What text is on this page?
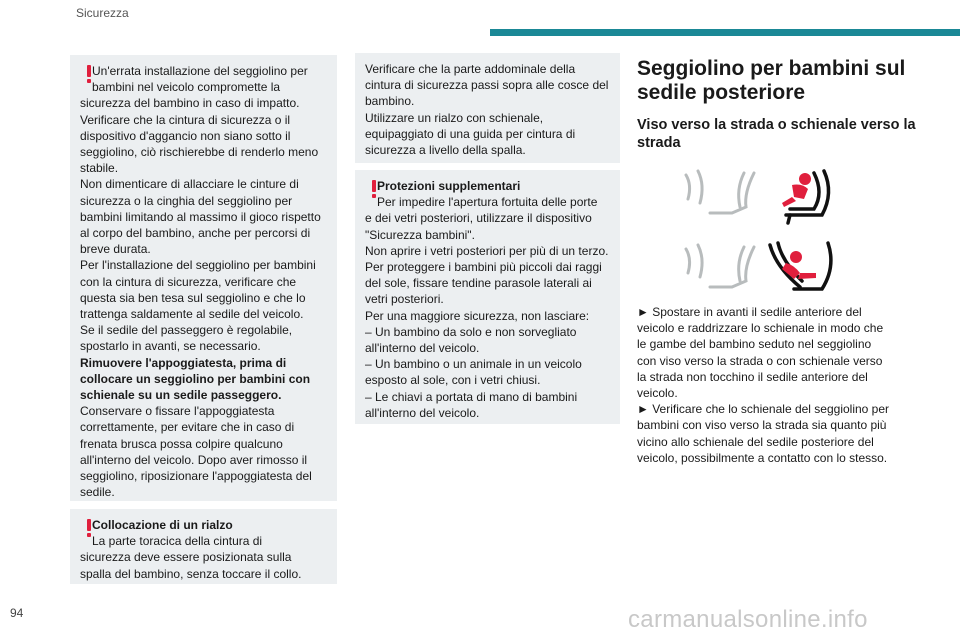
Sicurezza
Un'errata installazione del seggiolino per
bambini nel veicolo compromette la
sicurezza del bambino in caso di impatto.
Verificare che la cintura di sicurezza o il
dispositivo d'aggancio non siano sotto il
seggiolino, ciò rischierebbe di renderlo meno
stabile.
Non dimenticare di allacciare le cinture di
sicurezza o la cinghia del seggiolino per
bambini limitando al massimo il gioco rispetto
al corpo del bambino, anche per percorsi di
breve durata.
Per l'installazione del seggiolino per bambini
con la cintura di sicurezza, verificare che
questa sia ben tesa sul seggiolino e che lo
trattenga saldamente al sedile del veicolo.
Se il sedile del passeggero è regolabile,
spostarlo in avanti, se necessario.
Rimuovere l'appoggiatesta, prima di
collocare un seggiolino per bambini con
schienale su un sedile passeggero.
Conservare o fissare l'appoggiatesta
correttamente, per evitare che in caso di
frenata brusca possa colpire qualcuno
all'interno del veicolo. Dopo aver rimosso il
seggiolino, riposizionare l'appoggiatesta del
sedile.
Collocazione di un rialzo
La parte toracica della cintura di
sicurezza deve essere posizionata sulla
spalla del bambino, senza toccare il collo.
Verificare che la parte addominale della
cintura di sicurezza passi sopra alle cosce del
bambino.
Utilizzare un rialzo con schienale,
equipaggiato di una guida per cintura di
sicurezza a livello della spalla.
Protezioni supplementari
Per impedire l'apertura fortuita delle porte
e dei vetri posteriori, utilizzare il dispositivo
"Sicurezza bambini".
Non aprire i vetri posteriori per più di un terzo.
Per proteggere i bambini più piccoli dai raggi
del sole, fissare tendine parasole laterali ai
vetri posteriori.
Per una maggiore sicurezza, non lasciare:
– Un bambino da solo e non sorvegliato
all'interno del veicolo.
– Un bambino o un animale in un veicolo
esposto al sole, con i vetri chiusi.
– Le chiavi a portata di mano di bambini
all'interno del veicolo.
Seggiolino per bambini sul sedile posteriore
Viso verso la strada o schienale verso la strada
► Spostare in avanti il sedile anteriore del
veicolo e raddrizzare lo schienale in modo che
le gambe del bambino seduto nel seggiolino
con viso verso la strada o con schienale verso
la strada non tocchino il sedile anteriore del
veicolo.
► Verificare che lo schienale del seggiolino per
bambini con viso verso la strada sia quanto più
vicino allo schienale del sedile posteriore del
veicolo, possibilmente a contatto con lo stesso.
94	carmanualsonline.info
